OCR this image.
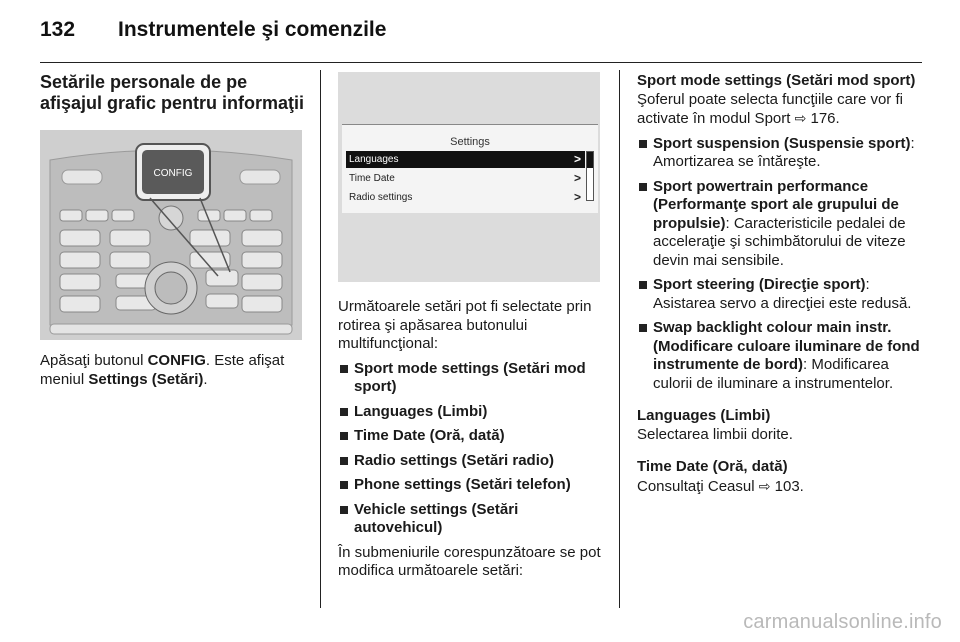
132 Instrumentele şi comenzile
Setările personale de pe afişajul grafic pentru informaţii
CONFIG

Apăsaţi butonul CONFIG. Este afişat meniul Settings (Setări).

Settings
Languages	>
Time Date	>
Radio settings	>

Următoarele setări pot fi selectate prin rotirea şi apăsarea butonului multifuncţional:

Sport mode settings (Setări mod sport)
Languages (Limbi)
Time Date (Oră, dată)
Radio settings (Setări radio)
Phone settings (Setări telefon)
Vehicle settings (Setări autovehicul)

În submeniurile corespunzătoare se pot modifica următoarele setări:

Sport mode settings (Setări mod sport)

Şoferul poate selecta funcţiile care vor fi activate în modul Sport ⇨ 176.

Sport suspension (Suspensie sport): Amortizarea se întăreşte.
Sport powertrain performance (Performanţe sport ale grupului de propulsie): Caracteristicile pedalei de acceleraţie şi schimbătorului de viteze devin mai sensibile.
Sport steering (Direcţie sport): Asistarea servo a direcţiei este redusă.
Swap backlight colour main instr. (Modificare culoare iluminare de fond instrumente de bord): Modificarea culorii de iluminare a instrumentelor.

Languages (Limbi)

Selectarea limbii dorite.

Time Date (Oră, dată)

Consultaţi Ceasul ⇨ 103.

carmanualsonline.info
